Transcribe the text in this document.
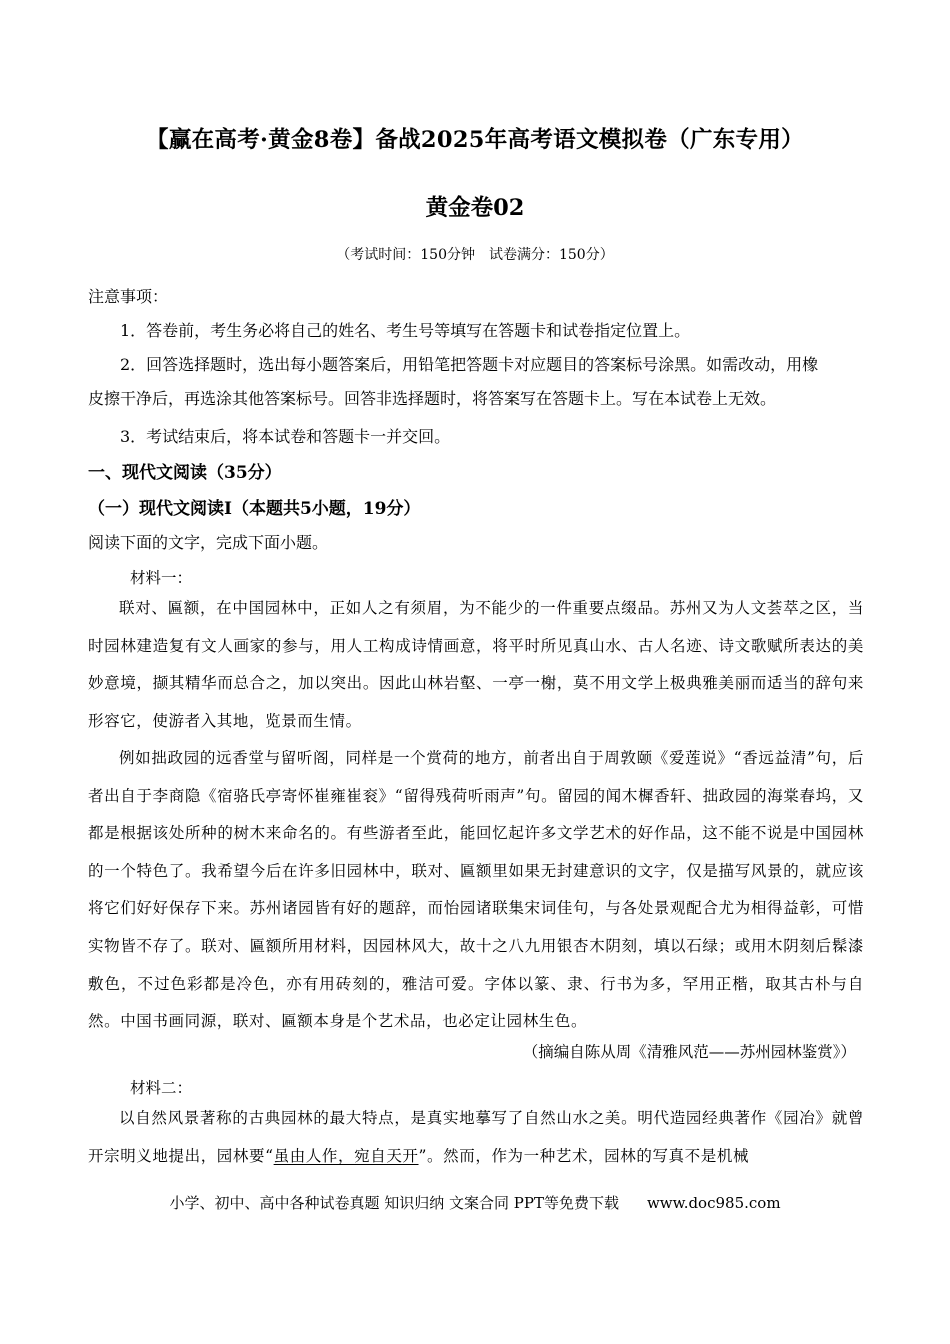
【赢在高考·黄金8卷】备战2025年高考语文模拟卷（广东专用）
黄金卷02
（考试时间：150分钟　试卷满分：150分）
注意事项：
1．答卷前，考生务必将自己的姓名、考生号等填写在答题卡和试卷指定位置上。
2．回答选择题时，选出每小题答案后，用铅笔把答题卡对应题目的答案标号涂黑。如需改动，用橡
皮擦干净后，再选涂其他答案标号。回答非选择题时，将答案写在答题卡上。写在本试卷上无效。
3．考试结束后，将本试卷和答题卡一并交回。
一、现代文阅读（35分）
（一）现代文阅读Ⅰ（本题共5小题，19分）
阅读下面的文字，完成下面小题。
材料一：
联对、匾额，在中国园林中，正如人之有须眉，为不能少的一件重要点缀品。苏州又为人文荟萃之区，当时园林建造复有文人画家的参与，用人工构成诗情画意，将平时所见真山水、古人名迹、诗文歌赋所表达的美妙意境，撷其精华而总合之，加以突出。因此山林岩壑、一亭一榭，莫不用文学上极典雅美丽而适当的辞句来形容它，使游者入其地，览景而生情。
例如拙政园的远香堂与留听阁，同样是一个赏荷的地方，前者出自于周敦颐《爱莲说》“香远益清”句，后者出自于李商隐《宿骆氏亭寄怀崔雍崔衮》“留得残荷听雨声”句。留园的闻木樨香轩、拙政园的海棠春坞，又都是根据该处所种的树木来命名的。有些游者至此，能回忆起许多文学艺术的好作品，这不能不说是中国园林的一个特色了。我希望今后在许多旧园林中，联对、匾额里如果无封建意识的文字，仅是描写风景的，就应该将它们好好保存下来。苏州诸园皆有好的题辞，而怡园诸联集宋词佳句，与各处景观配合尤为相得益彰，可惜实物皆不存了。联对、匾额所用材料，因园林风大，故十之八九用银杏木阴刻，填以石绿；或用木阴刻后髹漆敷色，不过色彩都是冷色，亦有用砖刻的，雅洁可爱。字体以篆、隶、行书为多，罕用正楷，取其古朴与自然。中国书画同源，联对、匾额本身是个艺术品，也必定让园林生色。
（摘编自陈从周《清雅风范——苏州园林鉴赏》）
材料二：
以自然风景著称的古典园林的最大特点，是真实地摹写了自然山水之美。明代造园经典著作《园冶》就曾开宗明义地提出，园林要“虽由人作，宛自天开”。然而，作为一种艺术，园林的写真不是机械
小学、初中、高中各种试卷真题 知识归纳 文案合同 PPT等免费下载 www.doc985.com
